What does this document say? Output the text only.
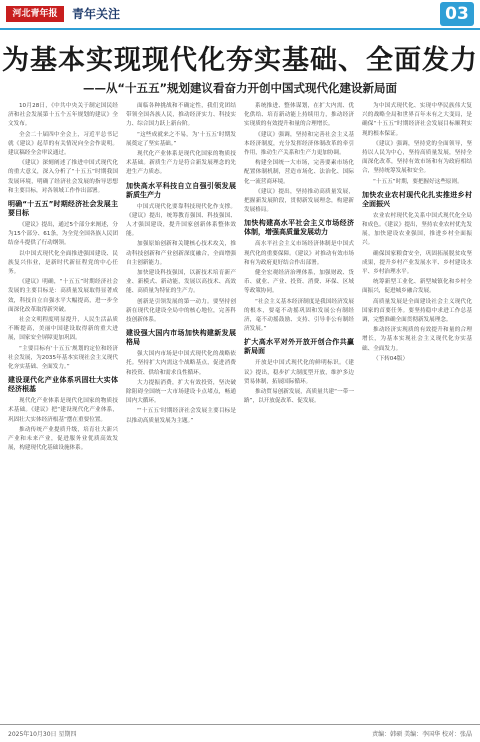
河北青年报	青年关注	03
为基本实现现代化夯实基础、全面发力
——从“十五五”规划建议看奋力开创中国式现代化建设新局面

10月28日，《中共中央关于制定国民经济和社会发展第十五个五年规划的建议》全文发布。

全会二十届四中全会上，习近平总书记就《建议》起草的有关情况向全会作说明。建议稿经全会审议通过。

《建议》深刻阐述了推进中国式现代化的重大意义，深入分析了“十五五”时期我国发展环境，明确了经济社会发展的指导思想和主要目标，对各领域工作作出部署。

明确“十五五”时期经济社会发展主要目标

《建议》提出，通过5个部分来阐述，分为15个部分、61条，为全党全国各族人民团结奋斗提供了行动纲领。

以中国式现代化全面推进强国建设、民族复兴伟业，是新时代新征程党的中心任务。

《建议》明确，“十五五”时期经济社会发展的主要目标是：高质量发展取得显著成效，科技自立自强水平大幅提高，进一步全面深化改革取得新突破。

社会文明程度明显提升，人民生活品质不断提高，美丽中国建设取得新的重大进展，国家安全屏障更加巩固。

“主要目标有‘十五五’规划的定位和经济社会发展，为2035年基本实现社会主义现代化夯实基础、全面发力。”

建设现代化产业体系巩固壮大实体经济根基

现代化产业体系是现代化国家的物质技术基础。《建议》把“建设现代化产业体系，巩固壮大实体经济根基”摆在重要位置。

推动传统产业提质升级，培育壮大新兴产业和未来产业，促进服务业优质高效发展，构建现代化基础设施体系。

面临各种挑战和不确定性，我们党团结带领全国各族人民，推动经济实力、科技实力、综合国力跃上新台阶。

“这些成就来之不易，为‘十五五’时期发展奠定了坚实基础。”

现代化产业体系是现代化国家的物质技术基础。新质生产力是符合新发展理念的先进生产力质态。

加快高水平科技自立自强引领发展新质生产力

中国式现代化要靠科技现代化作支撑。《建议》提出，统筹教育强国、科技强国、人才强国建设，提升国家创新体系整体效能。

加强原始创新和关键核心技术攻关，推动科技创新和产业创新深度融合，全面增强自主创新能力。

加快建设科技强国，以新技术培育新产业、新模式、新动能，发展以高技术、高效能、高质量为特征的生产力。

创新是引领发展的第一动力。要坚持创新在现代化建设全局中的核心地位，完善科技创新体系。

建设强大国内市场加快构建新发展格局

强大国内市场是中国式现代化的战略依托。坚持扩大内需这个战略基点，促进消费和投资、供给和需求良性循环。

大力提振消费，扩大有效投资，坚决破除阻碍全国统一大市场建设卡点堵点，畅通国内大循环。

“‘十五五’时期经济社会发展主要目标是以推动高质量发展为主题。”

系统推进、整体谋划，在扩大内需、优化供给、培育新动能上持续用力，推动经济实现质的有效提升和量的合理增长。

《建议》强调，坚持和完善社会主义基本经济制度，充分发挥经济体制改革的牵引作用，推动生产关系和生产力更加协调。

构建全国统一大市场，完善要素市场化配置体制机制，营造市场化、法治化、国际化一流营商环境。

《建议》提出，坚持推动高质量发展，把握新发展阶段，贯彻新发展理念，构建新发展格局。

加快构建高水平社会主义市场经济体制，增强高质量发展动力

高水平社会主义市场经济体制是中国式现代化的重要保障。《建议》对推动有效市场和有为政府更好结合作出部署。

健全宏观经济治理体系，加强财政、货币、就业、产业、投资、消费、环保、区域等政策协同。

“社会主义基本经济制度是我国经济发展的根本，要毫不动摇巩固和发展公有制经济，毫不动摇鼓励、支持、引导非公有制经济发展。”

扩大高水平对外开放开创合作共赢新局面

开放是中国式现代化的鲜明标识。《建议》提出，稳步扩大制度型开放，维护多边贸易体制，拓展国际循环。

推动贸易创新发展，高质量共建“一带一路”，以开放促改革、促发展。

为中国式现代化、实现中华民族伟大复兴的战略全局和世界百年未有之大变局，是确保“十五五”时期经济社会发展目标顺利实现的根本保证。

《建议》强调，坚持党的全面领导，坚持以人民为中心，坚持高质量发展，坚持全面深化改革，坚持有效市场和有为政府相结合，坚持统筹发展和安全。

“十五五”时期，要把握好这些原则。

加快农业农村现代化扎实推进乡村全面振兴

农业农村现代化关系中国式现代化全局和成色。《建议》提出，坚持农业农村优先发展，加快建设农业强国，推进乡村全面振兴。

确保国家粮食安全，巩固拓展脱贫攻坚成果，提升乡村产业发展水平、乡村建设水平、乡村治理水平。

统筹新型工业化、新型城镇化和乡村全面振兴，促进城乡融合发展。

高质量发展是全面建设社会主义现代化国家的首要任务。要坚持稳中求进工作总基调，完整准确全面贯彻新发展理念。

推动经济实现质的有效提升和量的合理增长，为基本实现社会主义现代化夯实基础、全面发力。

（下转04版）

2025年10月30日 星期四	责编：韩硕 美编：李国华 校对：张晶
